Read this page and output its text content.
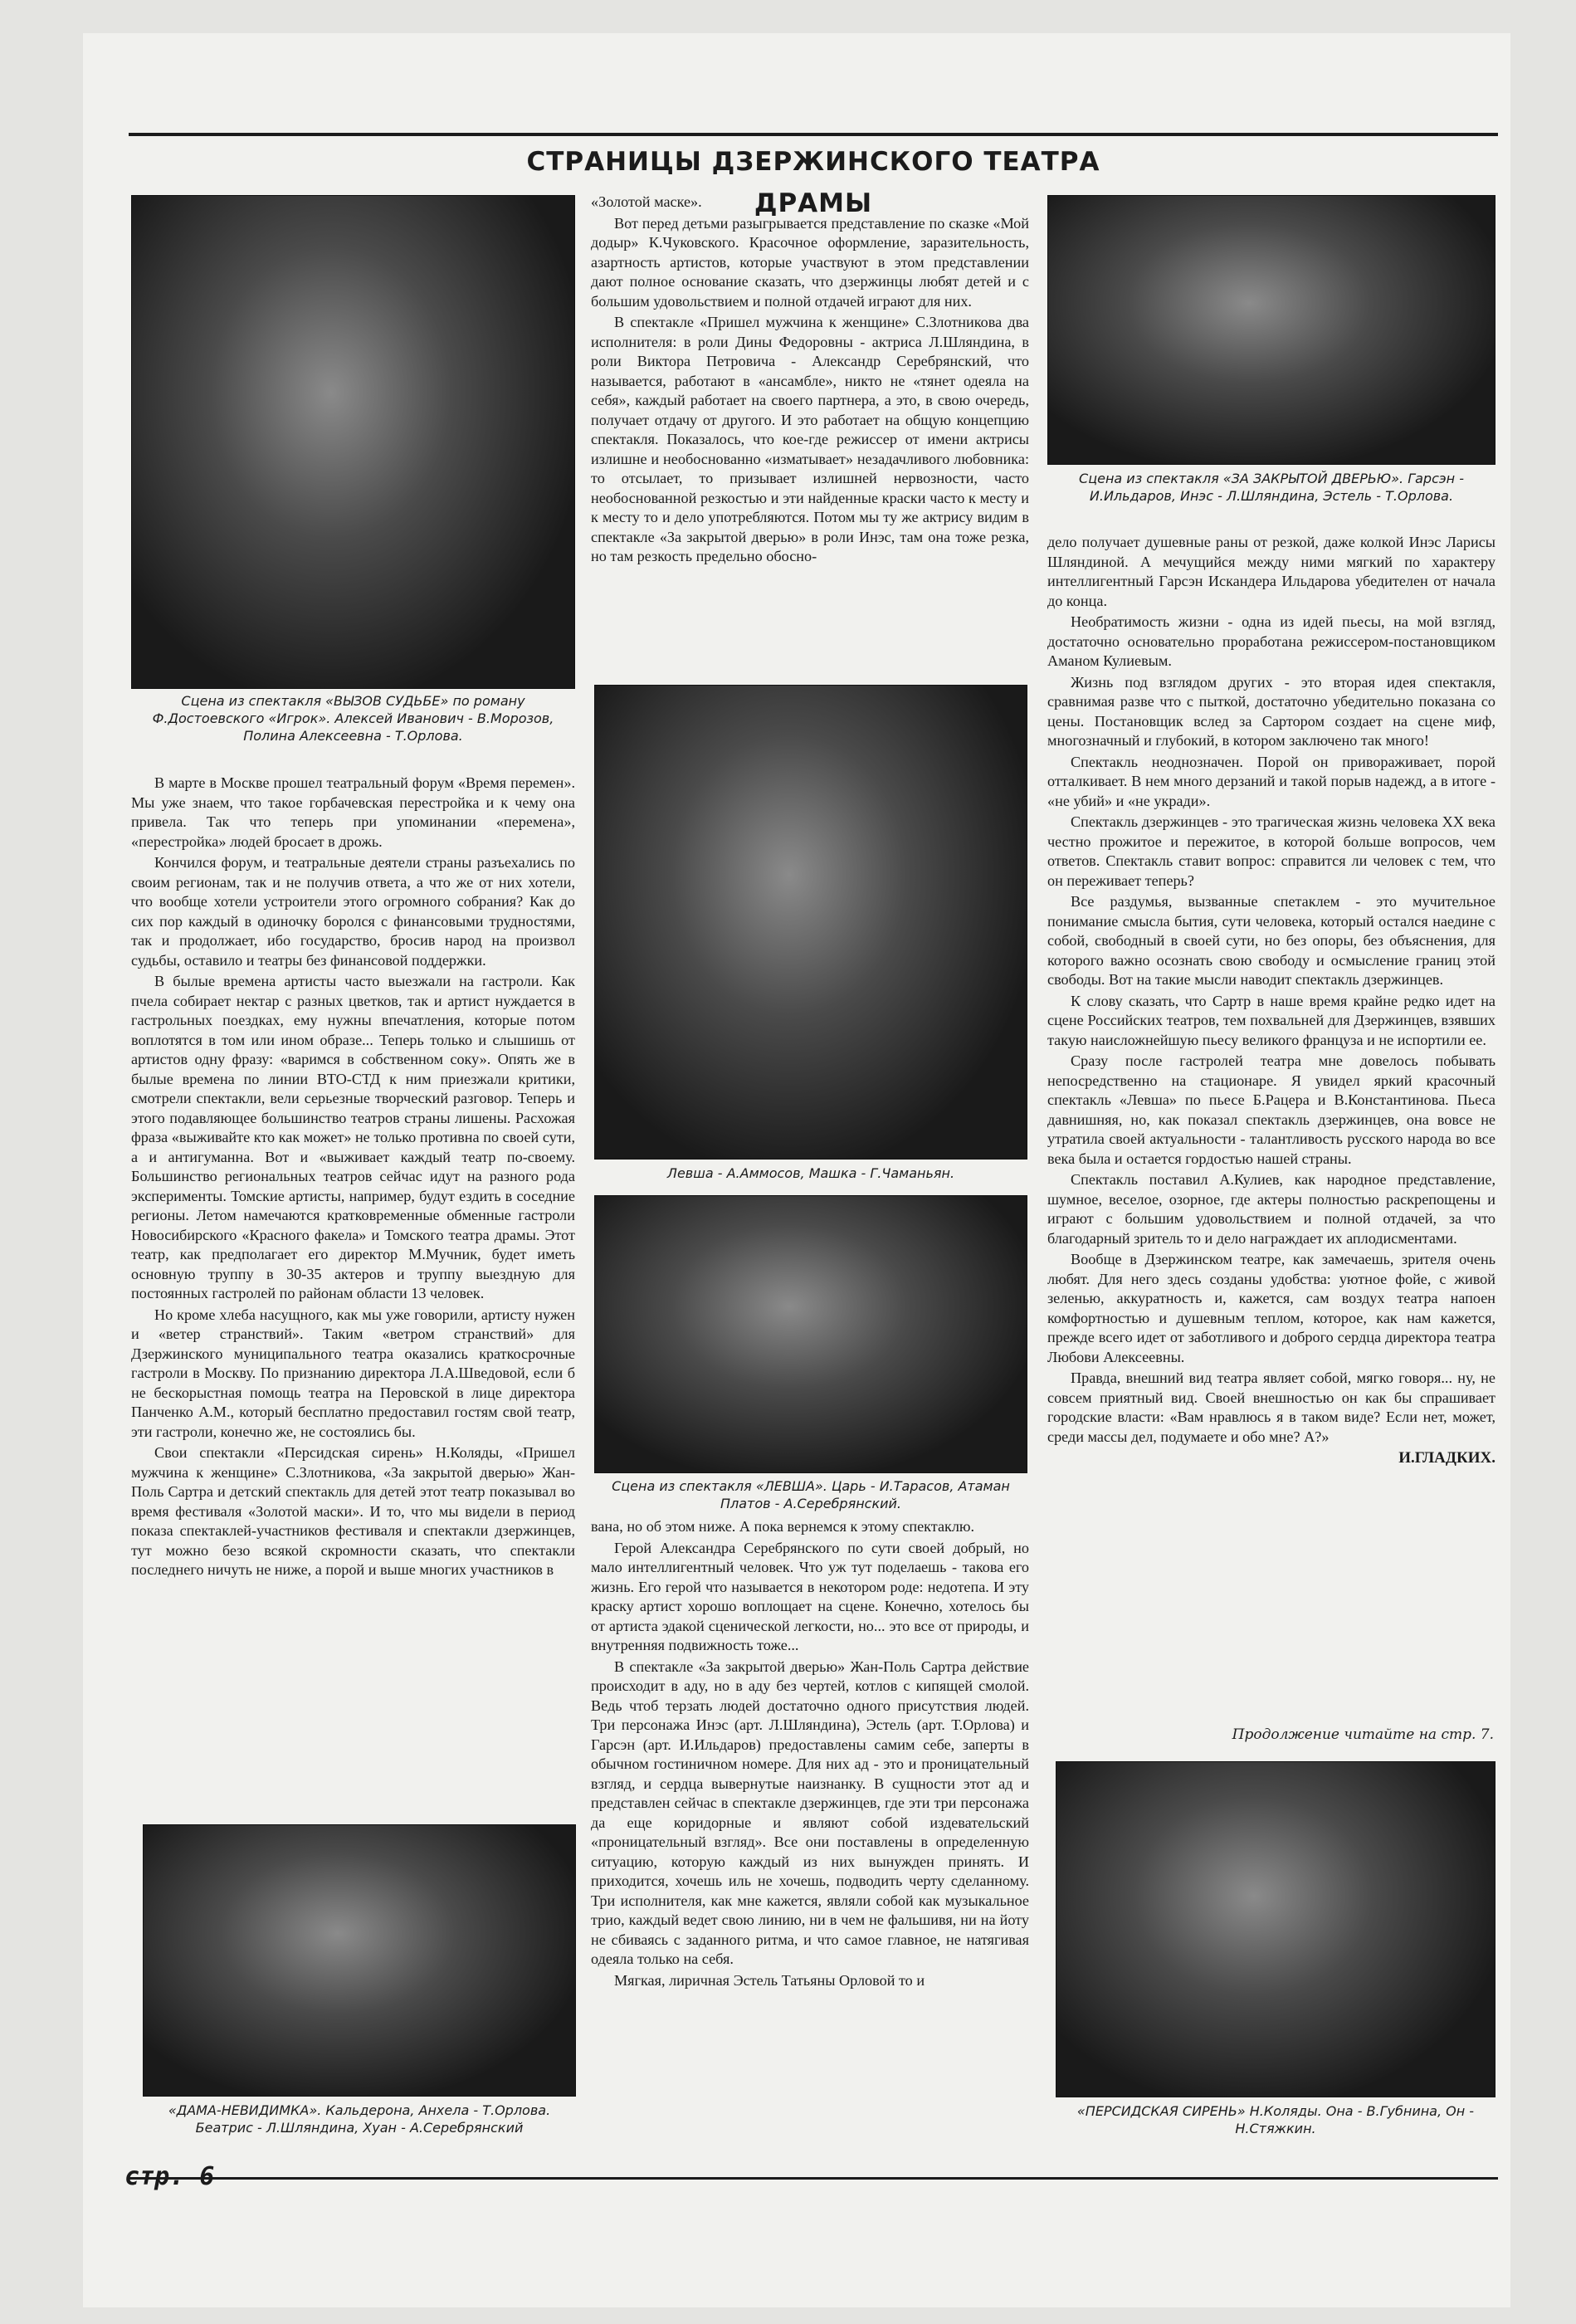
СТРАНИЦЫ ДЗЕРЖИНСКОГО ТЕАТРА ДРАМЫ
Сцена из спектакля «ВЫЗОВ СУДЬБЕ» по роману Ф.Достоевского «Игрок». Алексей Иванович - В.Морозов, Полина Алексеевна - Т.Орлова.
Сцена из спектакля «ЗА ЗАКРЫТОЙ ДВЕРЬЮ». Гарсэн - И.Ильдаров, Инэс - Л.Шляндина, Эстель - Т.Орлова.
Левша - А.Аммосов, Машка - Г.Чаманьян.
Сцена из спектакля «ЛЕВША». Царь - И.Тарасов, Атаман Платов - А.Серебрянский.
«ДАМА-НЕВИДИМКА». Кальдерона, Анхела - Т.Орлова. Беатрис - Л.Шляндина, Хуан - А.Серебрянский
«ПЕРСИДСКАЯ СИРЕНЬ» Н.Коляды. Она - В.Губнина, Он - Н.Стяжкин.

В марте в Москве прошел театральный форум «Время перемен». Мы уже знаем, что такое горбачевская перестройка и к чему она привела. Так что теперь при упоминании «перемена», «перестройка» людей бросает в дрожь.

Кончился форум, и театральные деятели страны разъехались по своим регионам, так и не получив ответа, а что же от них хотели, что вообще хотели устроители этого огромного собрания? Как до сих пор каждый в одиночку боролся с финансовыми трудностями, так и продолжает, ибо государство, бросив народ на произвол судьбы, оставило и театры без финансовой поддержки.

В былые времена артисты часто выезжали на гастроли. Как пчела собирает нектар с разных цветков, так и артист нуждается в гастрольных поездках, ему нужны впечатления, которые потом воплотятся в том или ином образе... Теперь только и слышишь от артистов одну фразу: «варимся в собственном соку». Опять же в былые времена по линии ВТО-СТД к ним приезжали критики, смотрели спектакли, вели серьезные творческий разговор. Теперь и этого подавляющее большинство театров страны лишены. Расхожая фраза «выживайте кто как может» не только противна по своей сути, а и антигуманна. Вот и «выживает каждый театр по-своему. Большинство региональных театров сейчас идут на разного рода эксперименты. Томские артисты, например, будут ездить в соседние регионы. Летом намечаются кратковременные обменные гастроли Новосибирского «Красного факела» и Томского театра драмы. Этот театр, как предполагает его директор М.Мучник, будет иметь основную труппу в 30-35 актеров и труппу выездную для постоянных гастролей по районам области 13 человек.

Но кроме хлеба насущного, как мы уже говорили, артисту нужен и «ветер странствий». Таким «ветром странствий» для Дзержинского муниципального театра оказались краткосрочные гастроли в Москву. По признанию директора Л.А.Шведовой, если б не бескорыстная помощь театра на Перовской в лице директора Панченко А.М., который бесплатно предоставил гостям свой театр, эти гастроли, конечно же, не состоялись бы.

Свои спектакли «Персидская сирень» Н.Коляды, «Пришел мужчина к женщине» С.Злотникова, «За закрытой дверью» Жан-Поль Сартра и детский спектакль для детей этот театр показывал во время фестиваля «Золотой маски». И то, что мы видели в период показа спектаклей-участников фестиваля и спектакли дзержинцев, тут можно безо всякой скромности сказать, что спектакли последнего ничуть не ниже, а порой и выше многих участников в

«Золотой маске».

Вот перед детьми разыгрывается представление по сказке «Мой додыр» К.Чуковского. Красочное оформление, заразительность, азартность артистов, которые участвуют в этом представлении дают полное основание сказать, что дзержинцы любят детей и с большим удовольствием и полной отдачей играют для них.

В спектакле «Пришел мужчина к женщине» С.Злотникова два исполнителя: в роли Дины Федоровны - актриса Л.Шляндина, в роли Виктора Петровича - Александр Серебрянский, что называется, работают в «ансамбле», никто не «тянет одеяла на себя», каждый работает на своего партнера, а это, в свою очередь, получает отдачу от другого. И это работает на общую концепцию спектакля. Показалось, что кое-где режиссер от имени актрисы излишне и необоснованно «изматывает» незадачливого любовника: то отсылает, то призывает излишней нервозности, часто необоснованной резкостью и эти найденные краски часто к месту и к месту то и дело употребляются. Потом мы ту же актрису видим в спектакле «За закрытой дверью» в роли Инэс, там она тоже резка, но там резкость предельно обосно-

вана, но об этом ниже. А пока вернемся к этому спектаклю.

Герой Александра Серебрянского по сути своей добрый, но мало интеллигентный человек. Что уж тут поделаешь - такова его жизнь. Его герой что называется в некотором роде: недотепа. И эту краску артист хорошо воплощает на сцене. Конечно, хотелось бы от артиста эдакой сценической легкости, но... это все от природы, и внутренняя подвижность тоже...

В спектакле «За закрытой дверью» Жан-Поль Сартра действие происходит в аду, но в аду без чертей, котлов с кипящей смолой. Ведь чтоб терзать людей достаточно одного присутствия людей. Три персонажа Инэс (арт. Л.Шляндина), Эстель (арт. Т.Орлова) и Гарсэн (арт. И.Ильдаров) предоставлены самим себе, заперты в обычном гостиничном номере. Для них ад - это и проницательный взгляд, и сердца вывернутые наизнанку. В сущности этот ад и представлен сейчас в спектакле дзержинцев, где эти три персонажа да еще коридорные и являют собой издевательский «проницательный взгляд». Все они поставлены в определенную ситуацию, которую каждый из них вынужден принять. И приходится, хочешь иль не хочешь, подводить черту сделанному. Три исполнителя, как мне кажется, являли собой как музыкальное трио, каждый ведет свою линию, ни в чем не фальшивя, ни на йоту не сбиваясь с заданного ритма, и что самое главное, не натягивая одеяла только на себя.

Мягкая, лиричная Эстель Татьяны Орловой то и

дело получает душевные раны от резкой, даже колкой Инэс Ларисы Шляндиной. А мечущийся между ними мягкий по характеру интеллигентный Гарсэн Искандера Ильдарова убедителен от начала до конца.

Необратимость жизни - одна из идей пьесы, на мой взгляд, достаточно основательно проработана режиссером-постановщиком Аманом Кулиевым.

Жизнь под взглядом других - это вторая идея спектакля, сравнимая разве что с пыткой, достаточно убедительно показана со цены. Постановщик вслед за Сартором создает на сцене миф, многозначный и глубокий, в котором заключено так много!

Спектакль неоднозначен. Порой он привораживает, порой отталкивает. В нем много дерзаний и такой порыв надежд, а в итоге - «не убий» и «не укради».

Спектакль дзержинцев - это трагическая жизнь человека XX века честно прожитое и пережитое, в которой больше вопросов, чем ответов. Спектакль ставит вопрос: справится ли человек с тем, что он переживает теперь?

Все раздумья, вызванные спетаклем - это мучительное понимание смысла бытия, сути человека, который остался наедине с собой, свободный в своей сути, но без опоры, без объяснения, для которого важно осознать свою свободу и осмысление границ этой свободы. Вот на такие мысли наводит спектакль дзержинцев.

К слову сказать, что Сартр в наше время крайне редко идет на сцене Российских театров, тем похвальней для Дзержинцев, взявших такую наисложнейшую пьесу великого француза и не испортили ее.

Сразу после гастролей театра мне довелось побывать непосредственно на стационаре. Я увидел яркий красочный спектакль «Левша» по пьесе Б.Рацера и В.Константинова. Пьеса давнишняя, но, как показал спектакль дзержинцев, она вовсе не утратила своей актуальности - талантливость русского народа во все века была и остается гордостью нашей страны.

Спектакль поставил А.Кулиев, как народное представление, шумное, веселое, озорное, где актеры полностью раскрепощены и играют с большим удовольствием и полной отдачей, за что благодарный зритель то и дело награждает их аплодисментами.

Вообще в Дзержинском театре, как замечаешь, зрителя очень любят. Для него здесь созданы удобства: уютное фойе, с живой зеленью, аккуратность и, кажется, сам воздух театра напоен комфортностью и душевным теплом, которое, как нам кажется, прежде всего идет от заботливого и доброго сердца директора театра Любови Алексеевны.

Правда, внешний вид театра являет собой, мягко говоря... ну, не совсем приятный вид. Своей внешностью он как бы спрашивает городские власти: «Вам нравлюсь я в таком виде? Если нет, может, среди массы дел, подумаете и обо мне? А?»

И.ГЛАДКИХ.
Продолжение читайте на стр. 7.
стр. 6
